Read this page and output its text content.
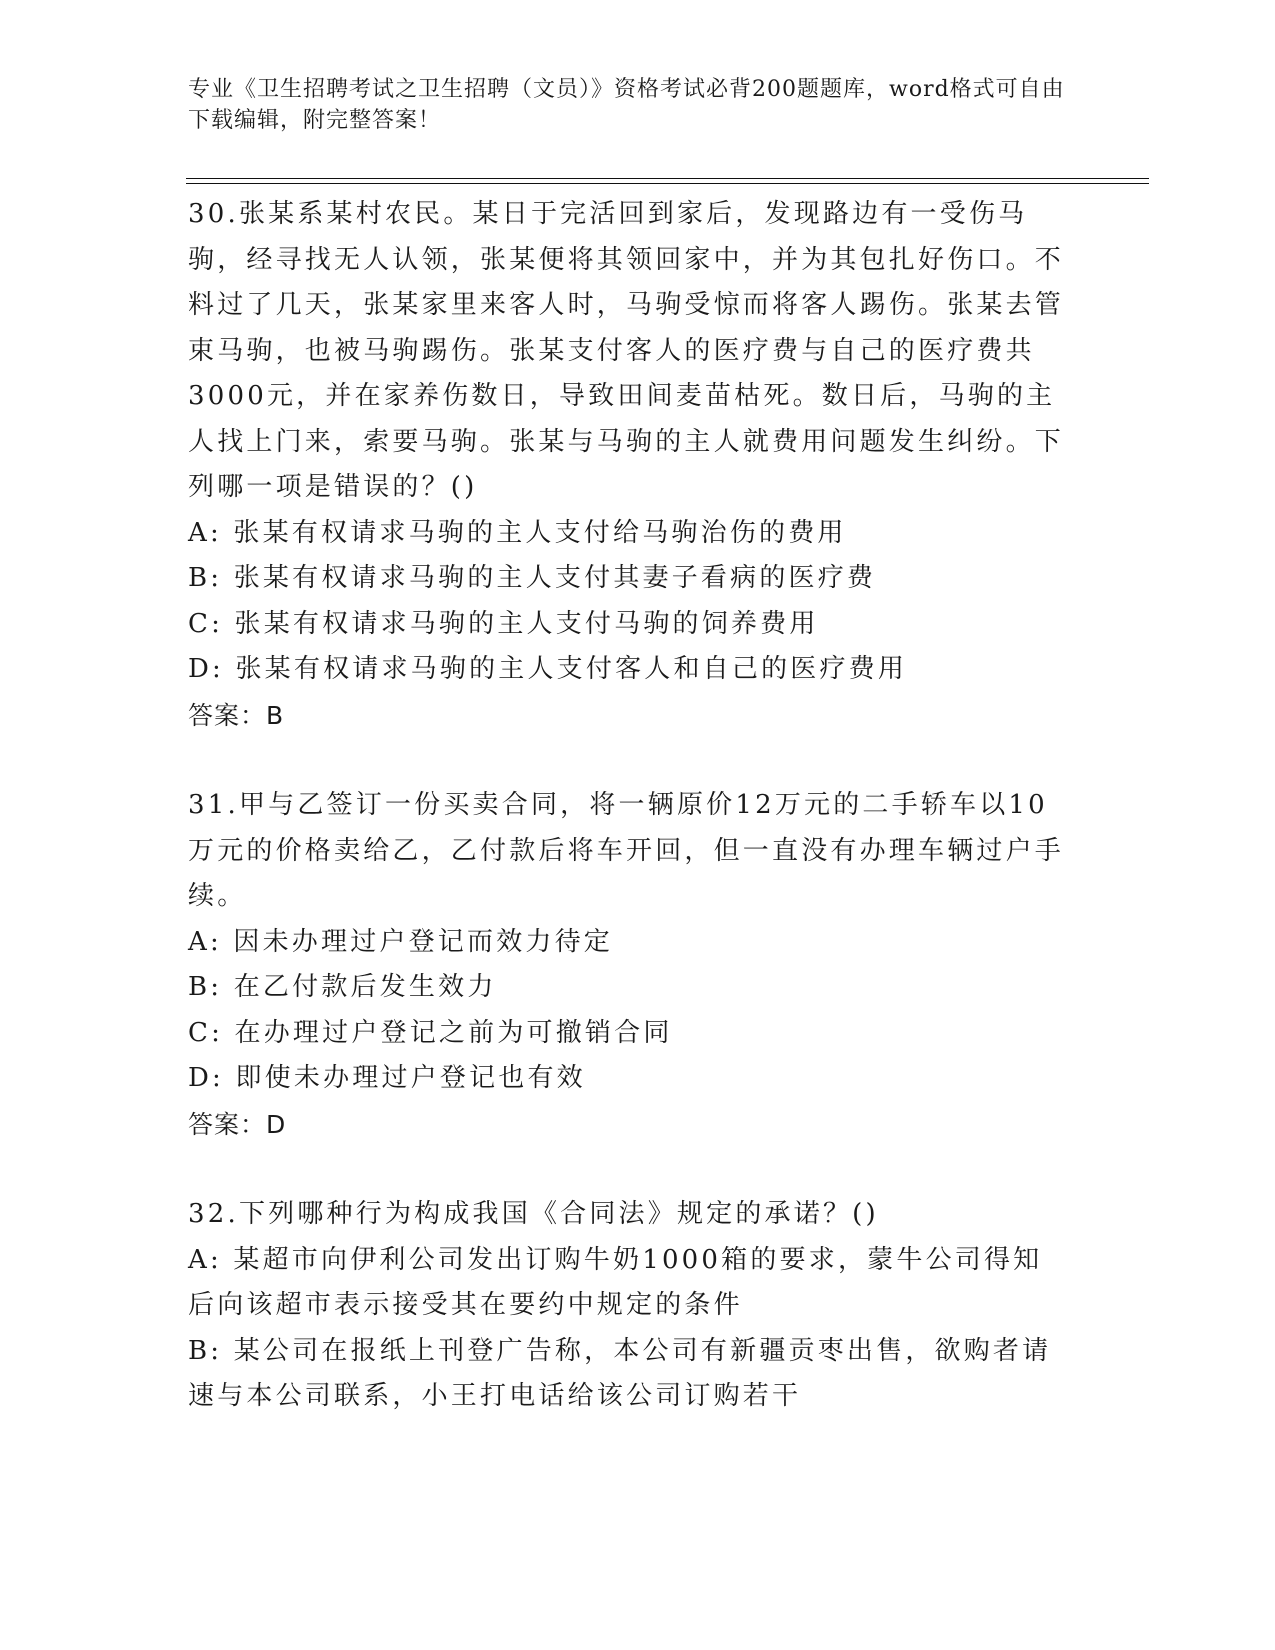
专业《卫生招聘考试之卫生招聘（文员）》资格考试必背200题题库，word格式可自由下载编辑，附完整答案！

30.张某系某村农民。某日于完活回到家后，发现路边有一受伤马驹，经寻找无人认领，张某便将其领回家中，并为其包扎好伤口。不料过了几天，张某家里来客人时，马驹受惊而将客人踢伤。张某去管束马驹，也被马驹踢伤。张某支付客人的医疗费与自己的医疗费共3000元，并在家养伤数日，导致田间麦苗枯死。数日后，马驹的主人找上门来，索要马驹。张某与马驹的主人就费用问题发生纠纷。下列哪一项是错误的？()

A: 张某有权请求马驹的主人支付给马驹治伤的费用

B: 张某有权请求马驹的主人支付其妻子看病的医疗费

C: 张某有权请求马驹的主人支付马驹的饲养费用

D: 张某有权请求马驹的主人支付客人和自己的医疗费用

答案：B

31.甲与乙签订一份买卖合同，将一辆原价12万元的二手轿车以10万元的价格卖给乙，乙付款后将车开回，但一直没有办理车辆过户手续。

A: 因未办理过户登记而效力待定

B: 在乙付款后发生效力

C: 在办理过户登记之前为可撤销合同

D: 即使未办理过户登记也有效

答案：D

32.下列哪种行为构成我国《合同法》规定的承诺？()

A: 某超市向伊利公司发出订购牛奶1000箱的要求，蒙牛公司得知后向该超市表示接受其在要约中规定的条件

B: 某公司在报纸上刊登广告称，本公司有新疆贡枣出售，欲购者请速与本公司联系，小王打电话给该公司订购若干
